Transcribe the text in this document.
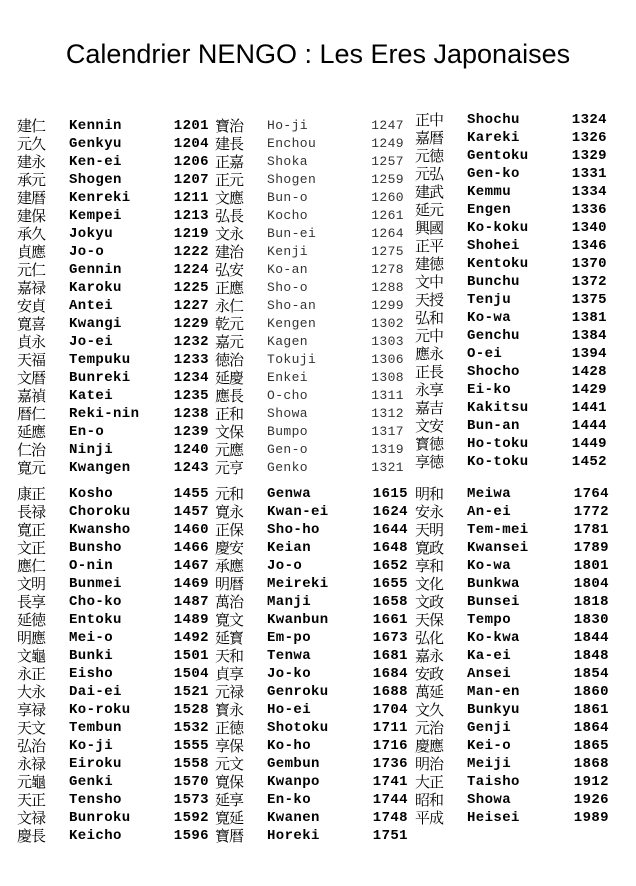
Calendrier NENGO : Les Eres Japonaises
建仁 Kennin	1201
元久 Genkyu	1204
建永 Ken-ei	1206
承元 Shogen	1207
建暦 Kenreki	1211
建保 Kempei	1213
承久 Jokyu	1219
貞應 Jo-o	1222
元仁 Gennin	1224
嘉禄 Karoku	1225
安貞 Antei	1227
寛喜 Kwangi	1229
貞永 Jo-ei	1232
天福 Tempuku	1233
文暦 Bunreki	1234
嘉禎 Katei	1235
暦仁 Reki-nin 1238
延應 En-o	1239
仁治 Ninji	1240
寛元 Kwangen	1243
寶治 Ho-ji	1247
建長 Enchou	1249
正嘉 Shoka	1257
正元 Shogen	1259
文應 Bun-o	1260
弘長 Kocho	1261
文永 Bun-ei	1264
建治 Kenji	1275
弘安 Ko-an	1278
正應 Sho-o	1288
永仁 Sho-an	1299
乾元 Kengen	1302
嘉元 Kagen	1303
徳治 Tokuji	1306
延慶 Enkei	1308
應長 O-cho	1311
正和 Showa	1312
文保 Bumpo	1317
元應 Gen-o	1319
元亨 Genko	1321
正中 Shochu	1324
嘉暦 Kareki	1326
元徳 Gentoku	1329
元弘 Gen-ko	1331
建武 Kemmu	1334
延元 Engen	1336
興國 Ko-koku	1340
正平 Shohei	1346
建徳 Kentoku	1370
文中 Bunchu	1372
天授 Tenju	1375
弘和 Ko-wa	1381
元中 Genchu	1384
應永 O-ei	1394
正長 Shocho	1428
永享 Ei-ko	1429
嘉吉 Kakitsu	1441
文安 Bun-an	1444
寳徳 Ho-toku	1449
享徳 Ko-toku	1452
康正 Kosho	1455
長禄 Choroku	1457
寛正 Kwansho	1460
文正 Bunsho	1466
應仁 O-nin	1467
文明 Bunmei	1469
長享 Cho-ko	1487
延徳 Entoku	1489
明應 Mei-o	1492
文龜 Bunki	1501
永正 Eisho	1504
大永 Dai-ei	1521
享禄 Ko-roku	1528
天文 Tembun	1532
弘治 Ko-ji	1555
永禄 Eiroku	1558
元龜 Genki	1570
天正 Tensho	1573
文禄 Bunroku	1592
慶長 Keicho	1596
元和 Genwa	1615
寛永 Kwan-ei	1624
正保 Sho-ho	1644
慶安 Keian	1648
承應 Jo-o	1652
明暦 Meireki	1655
萬治 Manji	1658
寛文 Kwanbun	1661
延寳 Em-po	1673
天和 Tenwa	1681
貞享 Jo-ko	1684
元禄 Genroku	1688
寳永 Ho-ei	1704
正徳 Shotoku	1711
享保 Ko-ho	1716
元文 Gembun	1736
寛保 Kwanpo	1741
延享 En-ko	1744
寛延 Kwanen	1748
寶暦 Horeki	1751
明和 Meiwa	1764
安永 An-ei	1772
天明 Tem-mei	1781
寛政 Kwansei	1789
享和 Ko-wa	1801
文化 Bunkwa	1804
文政 Bunsei	1818
天保 Tempo	1830
弘化 Ko-kwa	1844
嘉永 Ka-ei	1848
安政 Ansei	1854
萬延 Man-en	1860
文久 Bunkyu	1861
元治 Genji	1864
慶應 Kei-o	1865
明治 Meiji	1868
大正 Taisho	1912
昭和 Showa	1926
平成 Heisei	1989
